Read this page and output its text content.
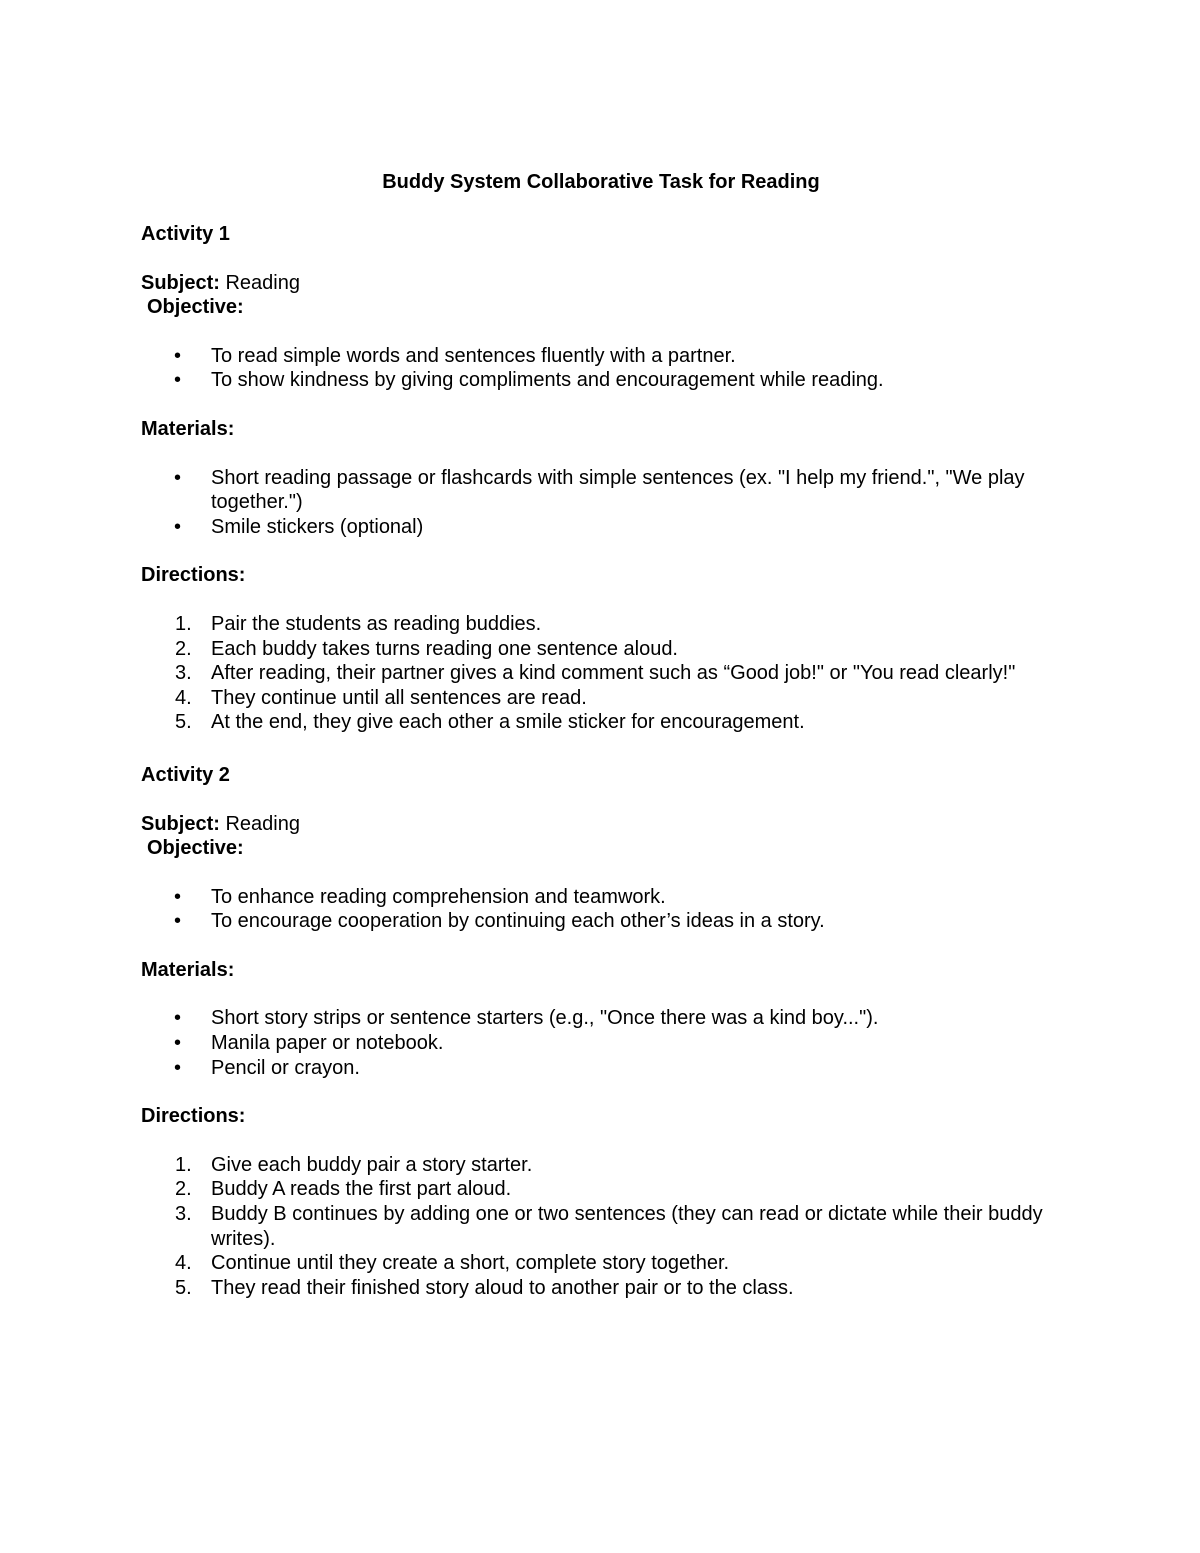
Buddy System Collaborative Task for Reading

Activity 1

Subject: Reading

Objective:

• To read simple words and sentences fluently with a partner.
• To show kindness by giving compliments and encouragement while reading.

Materials:

• Short reading passage or flashcards with simple sentences (ex. "I help my friend.", "We play together.")
• Smile stickers (optional)

Directions:

1. Pair the students as reading buddies.
2. Each buddy takes turns reading one sentence aloud.
3. After reading, their partner gives a kind comment such as “Good job!" or "You read clearly!"
4. They continue until all sentences are read.
5. At the end, they give each other a smile sticker for encouragement.

Activity 2

Subject: Reading

Objective:

• To enhance reading comprehension and teamwork.
• To encourage cooperation by continuing each other’s ideas in a story.

Materials:

• Short story strips or sentence starters (e.g., "Once there was a kind boy...").
• Manila paper or notebook.
• Pencil or crayon.

Directions:

1. Give each buddy pair a story starter.
2. Buddy A reads the first part aloud.
3. Buddy B continues by adding one or two sentences (they can read or dictate while their buddy writes).
4. Continue until they create a short, complete story together.
5. They read their finished story aloud to another pair or to the class.
